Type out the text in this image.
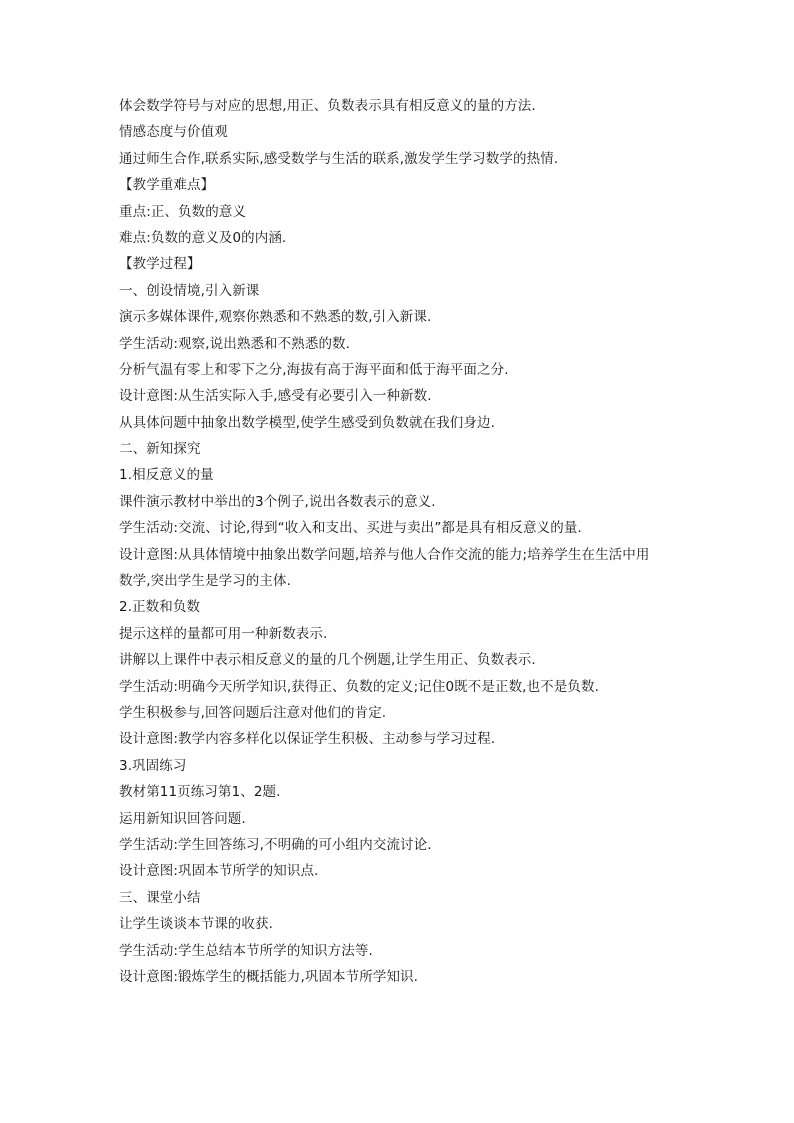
体会数学符号与对应的思想,用正、负数表示具有相反意义的量的方法.
情感态度与价值观
通过师生合作,联系实际,感受数学与生活的联系,激发学生学习数学的热情.
【教学重难点】
重点:正、负数的意义
难点:负数的意义及0的内涵.
【教学过程】
一、创设情境,引入新课
演示多媒体课件,观察你熟悉和不熟悉的数,引入新课.
学生活动:观察,说出熟悉和不熟悉的数.
分析气温有零上和零下之分,海拔有高于海平面和低于海平面之分.
设计意图:从生活实际入手,感受有必要引入一种新数.
从具体问题中抽象出数学模型,使学生感受到负数就在我们身边.
二、新知探究
1.相反意义的量
课件演示教材中举出的3个例子,说出各数表示的意义.
学生活动:交流、讨论,得到“收入和支出、买进与卖出”都是具有相反意义的量.
设计意图:从具体情境中抽象出数学问题,培养与他人合作交流的能力;培养学生在生活中用
数学,突出学生是学习的主体.
2.正数和负数
提示这样的量都可用一种新数表示.
讲解以上课件中表示相反意义的量的几个例题,让学生用正、负数表示.
学生活动:明确今天所学知识,获得正、负数的定义;记住0既不是正数,也不是负数.
学生积极参与,回答问题后注意对他们的肯定.
设计意图:教学内容多样化以保证学生积极、主动参与学习过程.
3.巩固练习
教材第11页练习第1、2题.
运用新知识回答问题.
学生活动:学生回答练习,不明确的可小组内交流讨论.
设计意图:巩固本节所学的知识点.
三、课堂小结
让学生谈谈本节课的收获.
学生活动:学生总结本节所学的知识方法等.
设计意图:锻炼学生的概括能力,巩固本节所学知识.
